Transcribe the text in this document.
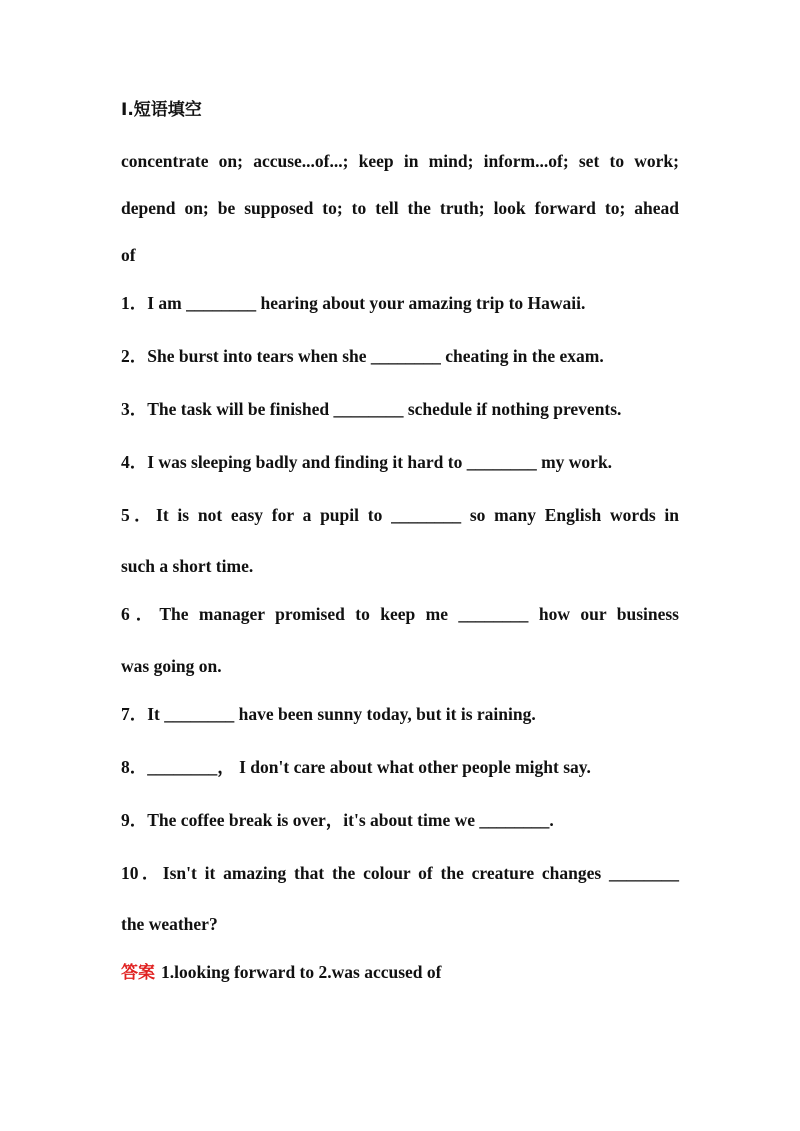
Ⅰ.短语填空
concentrate on; accuse...of...; keep in mind; inform...of; set to work;
depend on; be supposed to; to tell the truth; look forward to; ahead
of
1．I am ________ hearing about your amazing trip to Hawaii.
2．She burst into tears when she ________ cheating in the exam.
3．The task will be finished ________ schedule if nothing prevents.
4．I was sleeping badly and finding it hard to ________ my work.
5．It is not easy for a pupil to ________ so many English words in
such a short time.
6．The manager promised to keep me ________ how our business
was going on.
7．It ________ have been sunny today, but it is raining.
8．________， I don't care about what other people might say.
9．The coffee break is over，it's about time we ________.
10．Isn't it amazing that the colour of the creature changes ________
the weather?
答案 1.looking forward to 2.was accused of
